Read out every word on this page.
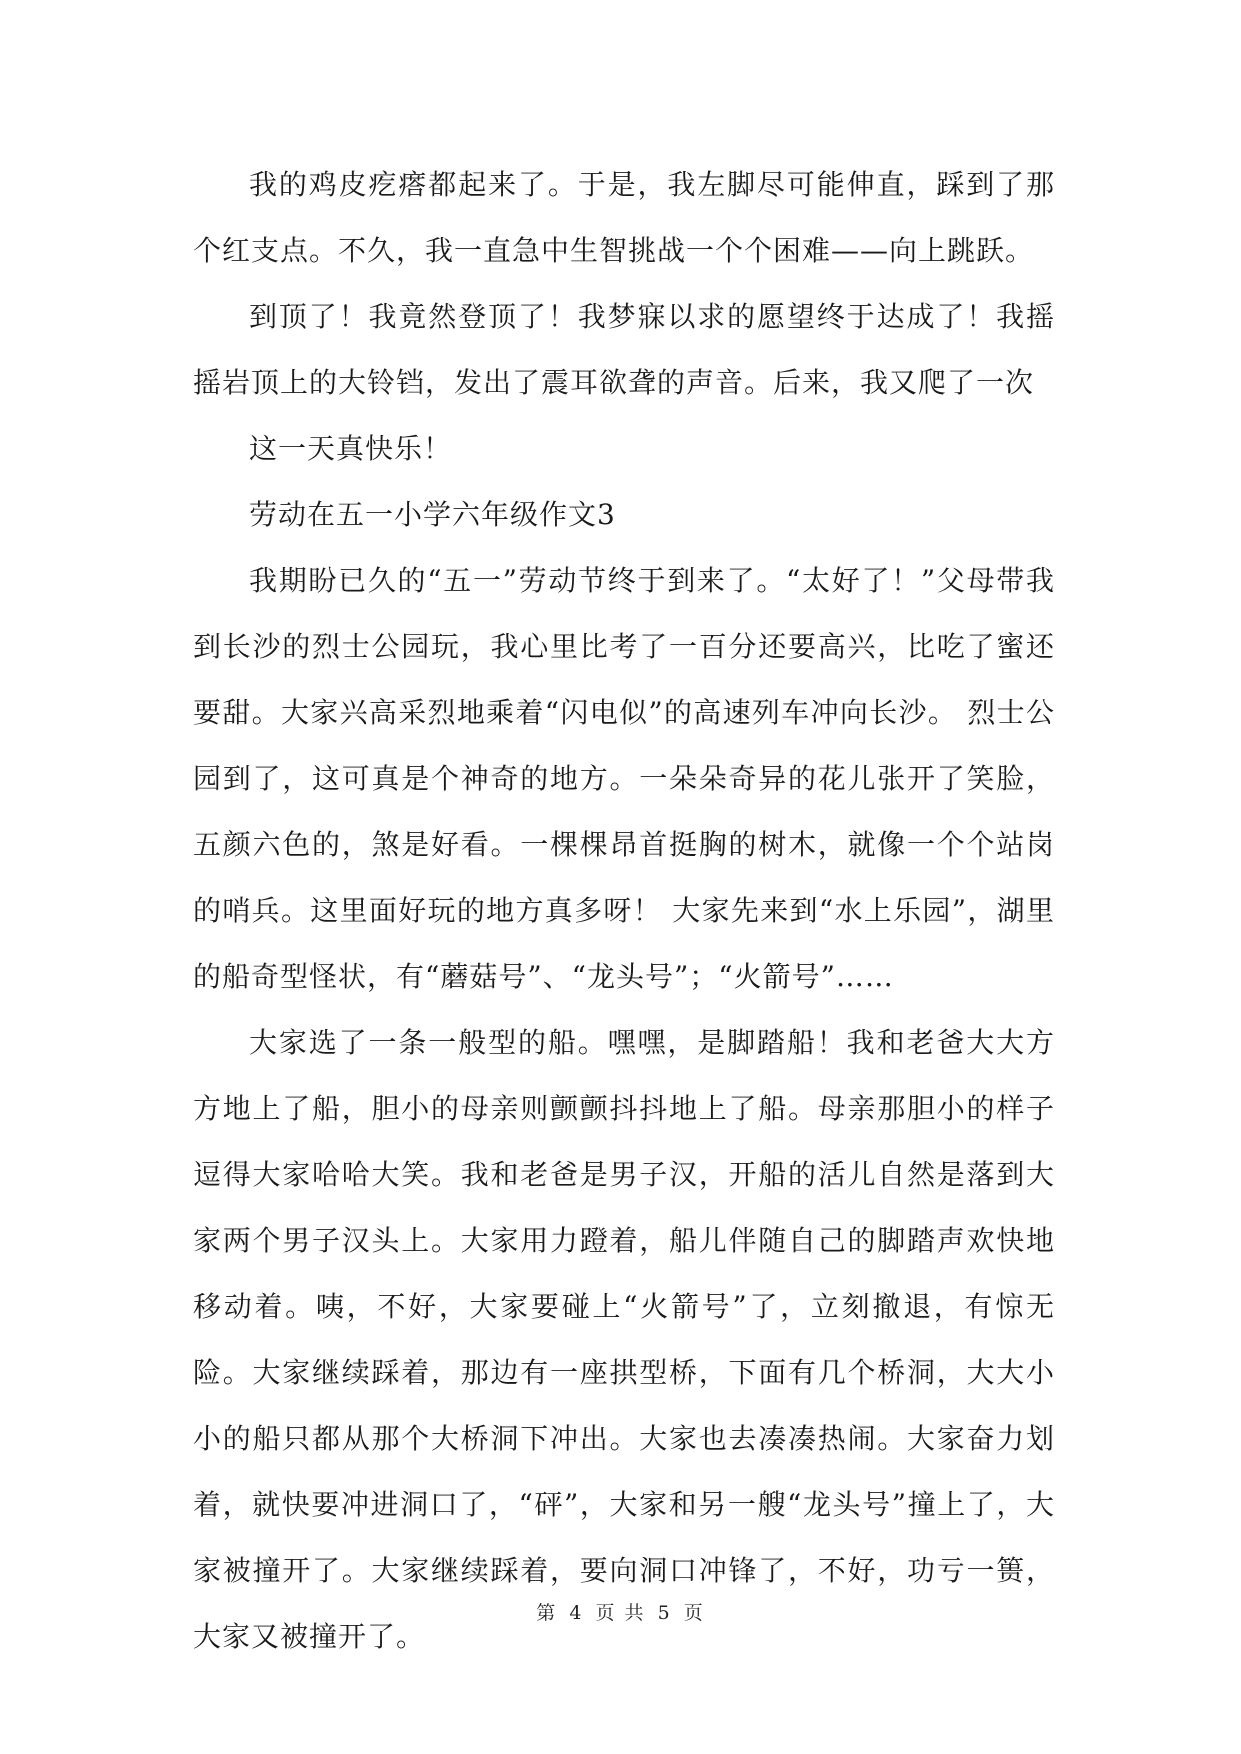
我的鸡皮疙瘩都起来了。于是，我左脚尽可能伸直，踩到了那个红支点。不久，我一直急中生智挑战一个个困难——向上跳跃。

到顶了！我竟然登顶了！我梦寐以求的愿望终于达成了！我摇摇岩顶上的大铃铛，发出了震耳欲聋的声音。后来，我又爬了一次

这一天真快乐！

劳动在五一小学六年级作文3

我期盼已久的“五一”劳动节终于到来了。“太好了！”父母带我到长沙的烈士公园玩，我心里比考了一百分还要高兴，比吃了蜜还要甜。大家兴高采烈地乘着“闪电似”的高速列车冲向长沙。 烈士公园到了，这可真是个神奇的地方。一朵朵奇异的花儿张开了笑脸，五颜六色的，煞是好看。一棵棵昂首挺胸的树木，就像一个个站岗的哨兵。这里面好玩的地方真多呀！ 大家先来到“水上乐园”，湖里的船奇型怪状，有“蘑菇号”、“龙头号”；“火箭号”……

大家选了一条一般型的船。嘿嘿，是脚踏船！我和老爸大大方方地上了船，胆小的母亲则颤颤抖抖地上了船。母亲那胆小的样子逗得大家哈哈大笑。我和老爸是男子汉，开船的活儿自然是落到大家两个男子汉头上。大家用力蹬着，船儿伴随自己的脚踏声欢快地移动着。咦，不好，大家要碰上“火箭号”了，立刻撤退，有惊无险。大家继续踩着，那边有一座拱型桥，下面有几个桥洞，大大小小的船只都从那个大桥洞下冲出。大家也去凑凑热闹。大家奋力划着，就快要冲进洞口了，“砰”，大家和另一艘“龙头号”撞上了，大家被撞开了。大家继续踩着，要向洞口冲锋了，不好，功亏一篑，大家又被撞开了。

第 4 页 共 5 页
